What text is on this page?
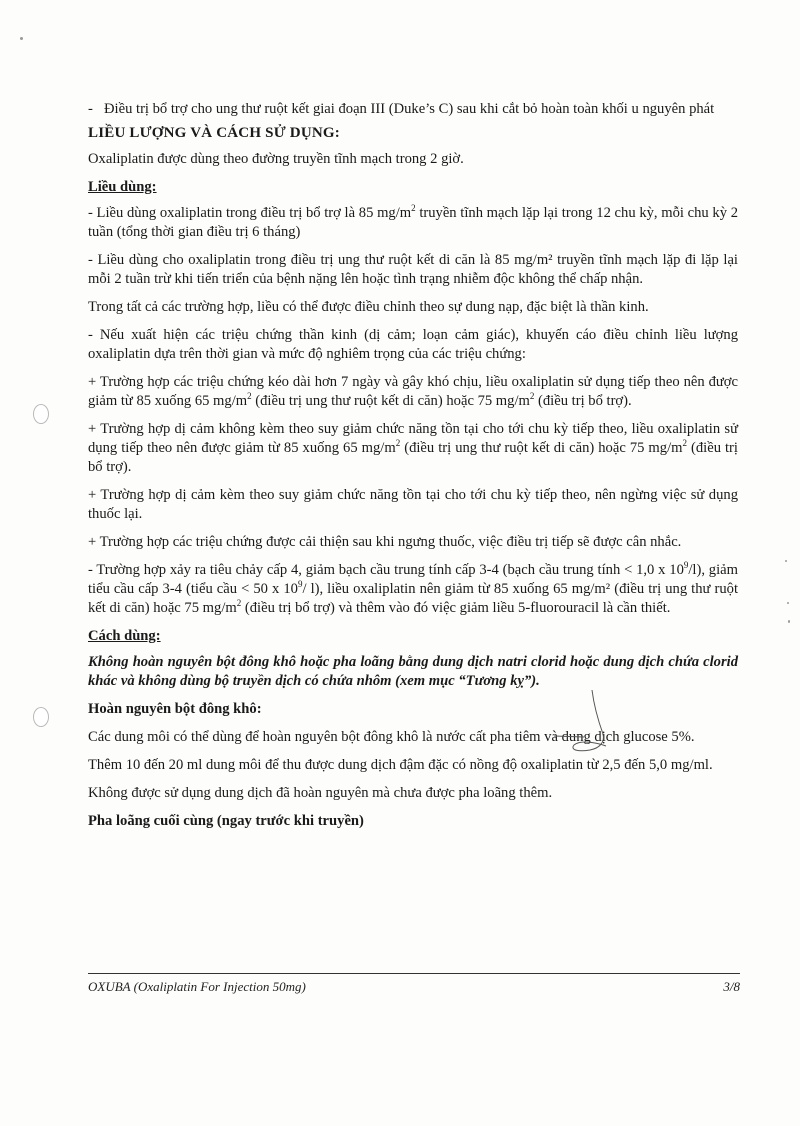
- Điều trị bổ trợ cho ung thư ruột kết giai đoạn III (Duke’s C) sau khi cắt bỏ hoàn toàn khối u nguyên phát

LIỀU LƯỢNG VÀ CÁCH SỬ DỤNG:

Oxaliplatin được dùng theo đường truyền tĩnh mạch trong 2 giờ.

Liều dùng:

- Liều dùng oxaliplatin trong điều trị bổ trợ là 85 $mg/m^2$ truyền tĩnh mạch lặp lại trong 12 chu kỳ, mỗi chu kỳ 2 tuần (tổng thời gian điều trị 6 tháng)

- Liều dùng cho oxaliplatin trong điều trị ung thư ruột kết di căn là 85 mg/m² truyền tĩnh mạch lặp đi lặp lại mỗi 2 tuần trừ khi tiến triển của bệnh nặng lên hoặc tình trạng nhiễm độc không thể chấp nhận.

Trong tất cả các trường hợp, liều có thể được điều chỉnh theo sự dung nạp, đặc biệt là thần kinh.

- Nếu xuất hiện các triệu chứng thần kinh (dị cảm; loạn cảm giác), khuyến cáo điều chỉnh liều lượng oxaliplatin dựa trên thời gian và mức độ nghiêm trọng của các triệu chứng:

+ Trường hợp các triệu chứng kéo dài hơn 7 ngày và gây khó chịu, liều oxaliplatin sử dụng tiếp theo nên được giảm từ 85 xuống 65 $mg/m^2$ (điều trị ung thư ruột kết di căn) hoặc 75 $mg/m^2$ (điều trị bổ trợ).

+ Trường hợp dị cảm không kèm theo suy giảm chức năng tồn tại cho tới chu kỳ tiếp theo, liều oxaliplatin sử dụng tiếp theo nên được giảm từ 85 xuống 65 $mg/m^2$ (điều trị ung thư ruột kết di căn) hoặc 75 $mg/m^2$ (điều trị bổ trợ).

+ Trường hợp dị cảm kèm theo suy giảm chức năng tồn tại cho tới chu kỳ tiếp theo, nên ngừng việc sử dụng thuốc lại.

+ Trường hợp các triệu chứng được cải thiện sau khi ngưng thuốc, việc điều trị tiếp sẽ được cân nhắc.

- Trường hợp xảy ra tiêu chảy cấp 4, giảm bạch cầu trung tính cấp 3-4 (bạch cầu trung tính < 1,0 x $10^9/l$), giảm tiểu cầu cấp 3-4 (tiểu cầu < 50 x $10^9/$ l), liều oxaliplatin nên giảm từ 85 xuống 65 mg/m² (điều trị ung thư ruột kết di căn) hoặc 75 $mg/m^2$ (điều trị bổ trợ) và thêm vào đó việc giảm liều 5-fluorouracil là cần thiết.

Cách dùng:

Không hoàn nguyên bột đông khô hoặc pha loãng bằng dung dịch natri clorid hoặc dung dịch chứa clorid khác và không dùng bộ truyền dịch có chứa nhôm (xem mục “Tương kỵ”).

Hoàn nguyên bột đông khô:

Các dung môi có thể dùng để hoàn nguyên bột đông khô là nước cất pha tiêm và dung dịch glucose 5%.

Thêm 10 đến 20 ml dung môi để thu được dung dịch đậm đặc có nồng độ oxaliplatin từ 2,5 đến 5,0 mg/ml.

Không được sử dụng dung dịch đã hoàn nguyên mà chưa được pha loãng thêm.

Pha loãng cuối cùng (ngay trước khi truyền)

OXUBA (Oxaliplatin For Injection 50mg)	3/8
